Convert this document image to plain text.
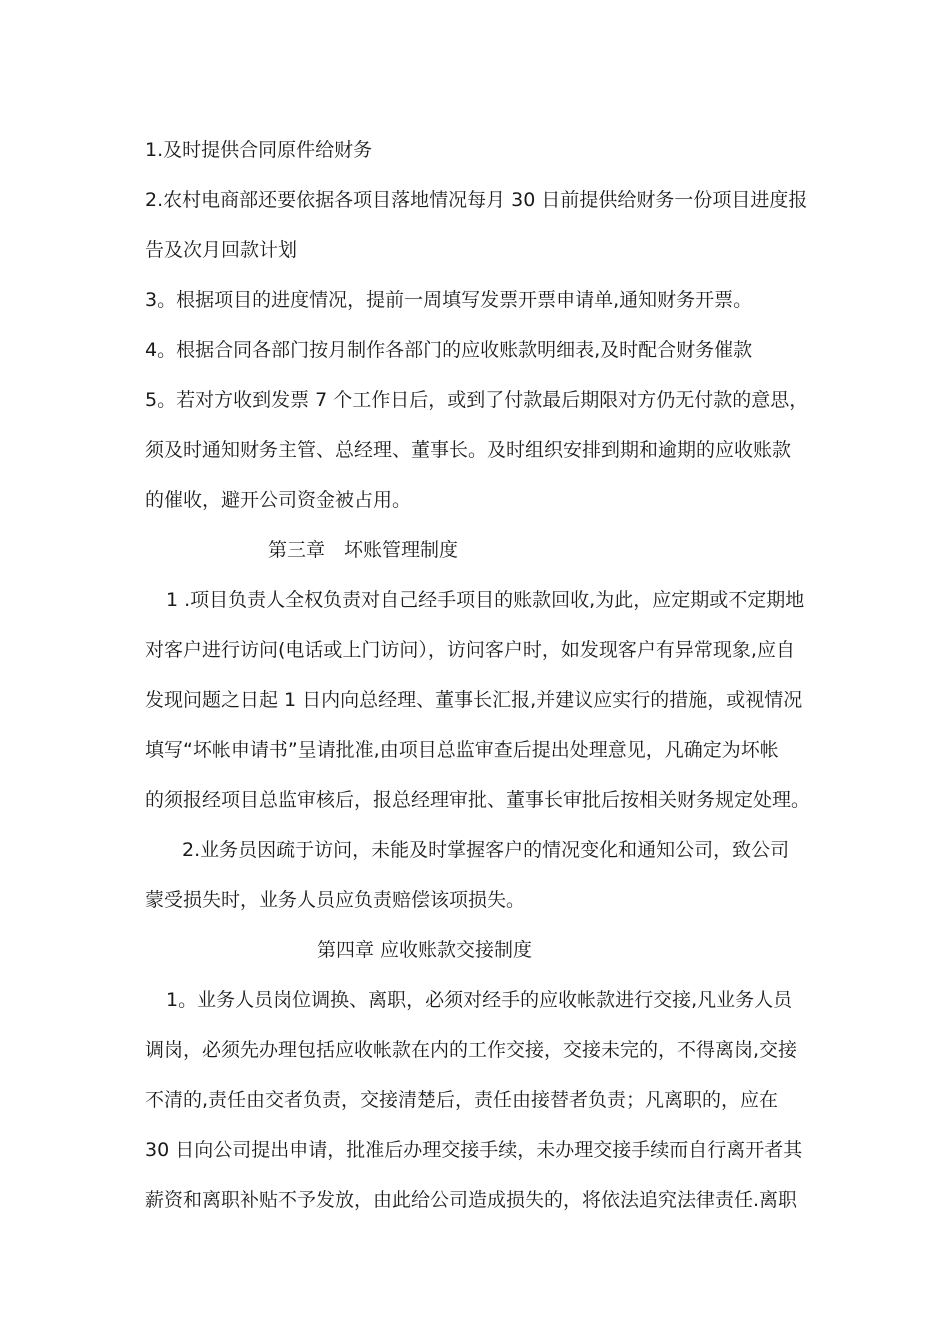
1.及时提供合同原件给财务
2.农村电商部还要依据各项目落地情况每月 30 日前提供给财务一份项目进度报
告及次月回款计划
3。根据项目的进度情况，提前一周填写发票开票申请单,通知财务开票。
4。根据合同各部门按月制作各部门的应收账款明细表,及时配合财务催款
5。若对方收到发票 7 个工作日后，或到了付款最后期限对方仍无付款的意思，
须及时通知财务主管、总经理、董事长。及时组织安排到期和逾期的应收账款
的催收，避开公司资金被占用。
第三章　坏账管理制度
1 .项目负责人全权负责对自己经手项目的账款回收,为此，应定期或不定期地
对客户进行访问(电话或上门访问），访问客户时，如发现客户有异常现象,应自
发现问题之日起 1 日内向总经理、董事长汇报,并建议应实行的措施，或视情况
填写“坏帐申请书”呈请批准,由项目总监审查后提出处理意见，凡确定为坏帐
的须报经项目总监审核后，报总经理审批、董事长审批后按相关财务规定处理。
2.业务员因疏于访问，未能及时掌握客户的情况变化和通知公司，致公司
蒙受损失时，业务人员应负责赔偿该项损失。
第四章 应收账款交接制度
1。业务人员岗位调换、离职，必须对经手的应收帐款进行交接,凡业务人员
调岗，必须先办理包括应收帐款在内的工作交接，交接未完的，不得离岗,交接
不清的,责任由交者负责，交接清楚后，责任由接替者负责；凡离职的，应在
30 日向公司提出申请，批准后办理交接手续，未办理交接手续而自行离开者其
薪资和离职补贴不予发放，由此给公司造成损失的，将依法追究法律责任.离职
